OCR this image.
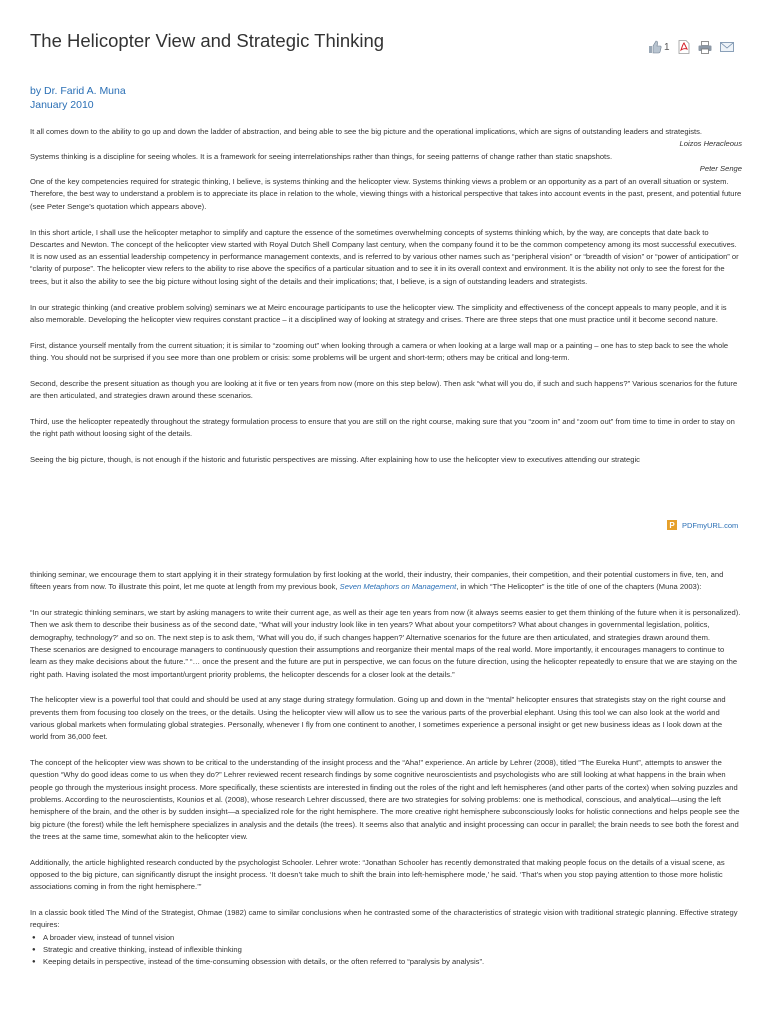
The Helicopter View and Strategic Thinking	1
by Dr. Farid A. Muna
January 2010

It all comes down to the ability to go up and down the ladder of abstraction, and being able to see the big picture and the operational implications, which are signs of outstanding leaders and strategists.

Loizos Heracleous

Systems thinking is a discipline for seeing wholes. It is a framework for seeing interrelationships rather than things, for seeing patterns of change rather than static snapshots.

Peter Senge

One of the key competencies required for strategic thinking, I believe, is systems thinking and the helicopter view. Systems thinking views a problem or an opportunity as a part of an overall situation or system. Therefore, the best way to understand a problem is to appreciate its place in relation to the whole, viewing things with a historical perspective that takes into account events in the past, present, and potential future (see Peter Senge’s quotation which appears above).

In this short article, I shall use the helicopter metaphor to simplify and capture the essence of the sometimes overwhelming concepts of systems thinking which, by the way, are concepts that date back to Descartes and Newton. The concept of the helicopter view started with Royal Dutch Shell Company last century, when the company found it to be the common competency among its most successful executives. It is now used as an essential leadership competency in performance management contexts, and is referred to by various other names such as “peripheral vision” or “breadth of vision” or “power of anticipation” or “clarity of purpose”. The helicopter view refers to the ability to rise above the specifics of a particular situation and to see it in its overall context and environment. It is the ability not only to see the forest for the trees, but it also the ability to see the big picture without losing sight of the details and their implications; that, I believe, is a sign of outstanding leaders and strategists.

In our strategic thinking (and creative problem solving) seminars we at Meirc encourage participants to use the helicopter view. The simplicity and effectiveness of the concept appeals to many people, and it is also memorable. Developing the helicopter view requires constant practice – it a disciplined way of looking at strategy and crises. There are three steps that one must practice until it become second nature.

First, distance yourself mentally from the current situation; it is similar to “zooming out” when looking through a camera or when looking at a large wall map or a painting – one has to step back to see the whole thing. You should not be surprised if you see more than one problem or crisis: some problems will be urgent and short-term; others may be critical and long-term.

Second, describe the present situation as though you are looking at it five or ten years from now (more on this step below). Then ask “what will you do, if such and such happens?” Various scenarios for the future are then articulated, and strategies drawn around these scenarios.

Third, use the helicopter repeatedly throughout the strategy formulation process to ensure that you are still on the right course, making sure that you “zoom in” and “zoom out” from time to time in order to stay on the right path without loosing sight of the details.

Seeing the big picture, though, is not enough if the historic and futuristic perspectives are missing. After explaining how to use the helicopter view to executives attending our strategic

P PDFmyURL.com

thinking seminar, we encourage them to start applying it in their strategy formulation by first looking at the world, their industry, their companies, their competition, and their potential customers in five, ten, and fifteen years from now. To illustrate this point, let me quote at length from my previous book, Seven Metaphors on Management, in which “The Helicopter” is the title of one of the chapters (Muna 2003):

“In our strategic thinking seminars, we start by asking managers to write their current age, as well as their age ten years from now (it always seems easier to get them thinking of the future when it is personalized). Then we ask them to describe their business as of the second date, “What will your industry look like in ten years? What about your competitors? What about changes in governmental legislation, politics, demography, technology?’ and so on. The next step is to ask them, ‘What will you do, if such changes happen?’ Alternative scenarios for the future are then articulated, and strategies drawn around them.

These scenarios are designed to encourage managers to continuously question their assumptions and reorganize their mental maps of the real world. More importantly, it encourages managers to continue to learn as they make decisions about the future.” “… once the present and the future are put in perspective, we can focus on the future direction, using the helicopter repeatedly to ensure that we are staying on the right path. Having isolated the most important/urgent priority problems, the helicopter descends for a closer look at the details.”

The helicopter view is a powerful tool that could and should be used at any stage during strategy formulation. Going up and down in the “mental” helicopter ensures that strategists stay on the right course and prevents them from focusing too closely on the trees, or the details. Using the helicopter view will allow us to see the various parts of the proverbial elephant. Using this tool we can also look at the world and various global markets when formulating global strategies. Personally, whenever I fly from one continent to another, I sometimes experience a personal insight or get new business ideas as I look down at the world from 36,000 feet.

The concept of the helicopter view was shown to be critical to the understanding of the insight process and the “Aha!” experience. An article by Lehrer (2008), titled “The Eureka Hunt”, attempts to answer the question “Why do good ideas come to us when they do?” Lehrer reviewed recent research findings by some cognitive neuroscientists and psychologists who are still looking at what happens in the brain when people go through the mysterious insight process. More specifically, these scientists are interested in finding out the roles of the right and left hemispheres (and other parts of the cortex) when solving puzzles and problems. According to the neuroscientists, Kounios et al. (2008), whose research Lehrer discussed, there are two strategies for solving problems: one is methodical, conscious, and analytical—using the left hemisphere of the brain, and the other is by sudden insight—a specialized role for the right hemisphere. The more creative right hemisphere subconsciously looks for holistic connections and helps people see the big picture (the forest) while the left hemisphere specializes in analysis and the details (the trees). It seems also that analytic and insight processing can occur in parallel; the brain needs to see both the forest and the trees at the same time, somewhat akin to the helicopter view.

Additionally, the article highlighted research conducted by the psychologist Schooler. Lehrer wrote: “Jonathan Schooler has recently demonstrated that making people focus on the details of a visual scene, as opposed to the big picture, can significantly disrupt the insight process. ‘It doesn’t take much to shift the brain into left-hemisphere mode,’ he said. ‘That’s when you stop paying attention to those more holistic associations coming in from the right hemisphere.’”

In a classic book titled The Mind of the Strategist, Ohmae (1982) came to similar conclusions when he contrasted some of the characteristics of strategic vision with traditional strategic planning. Effective strategy requires:

● A broader view, instead of tunnel vision
● Strategic and creative thinking, instead of inflexible thinking
● Keeping details in perspective, instead of the time-consuming obsession with details, or the often referred to “paralysis by analysis”.
